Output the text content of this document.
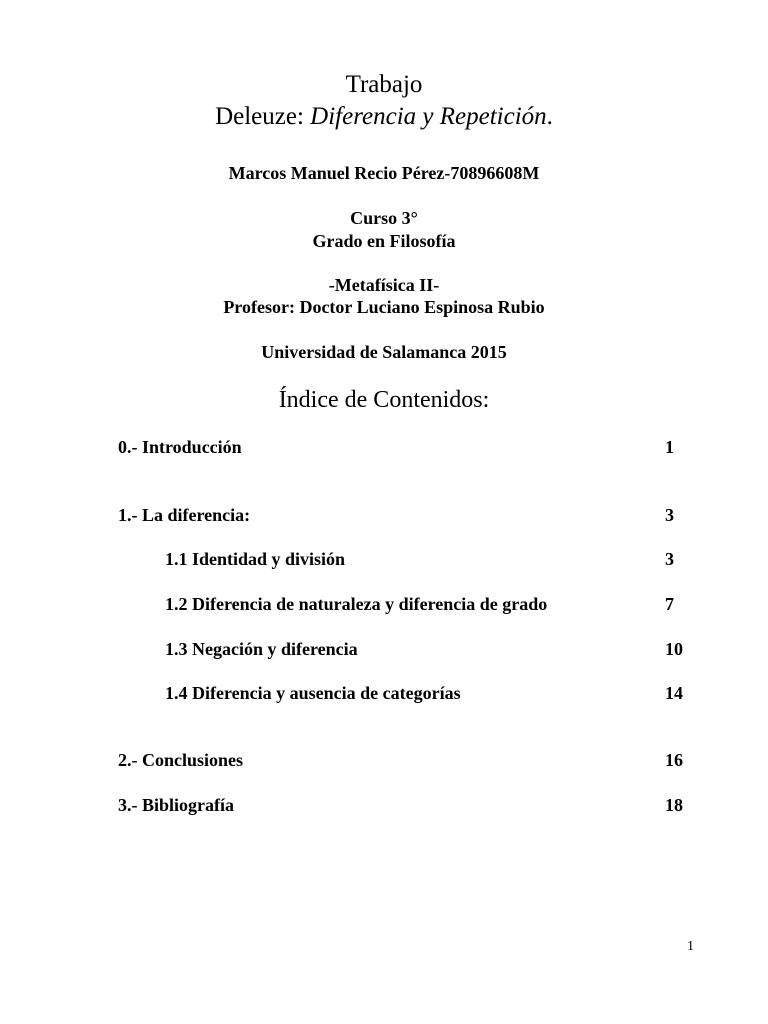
Trabajo
Deleuze: Diferencia y Repetición.
Marcos Manuel Recio Pérez-70896608M
Curso 3°
Grado en Filosofía
-Metafísica II-
Profesor: Doctor Luciano Espinosa Rubio
Universidad de Salamanca 2015
Índice de Contenidos:
0.- Introducción	1
1.- La diferencia:	3
1.1 Identidad y división	3
1.2 Diferencia de naturaleza y diferencia de grado	7
1.3 Negación y diferencia	10
1.4 Diferencia y ausencia de categorías	14
2.- Conclusiones	16
3.- Bibliografía	18
1
